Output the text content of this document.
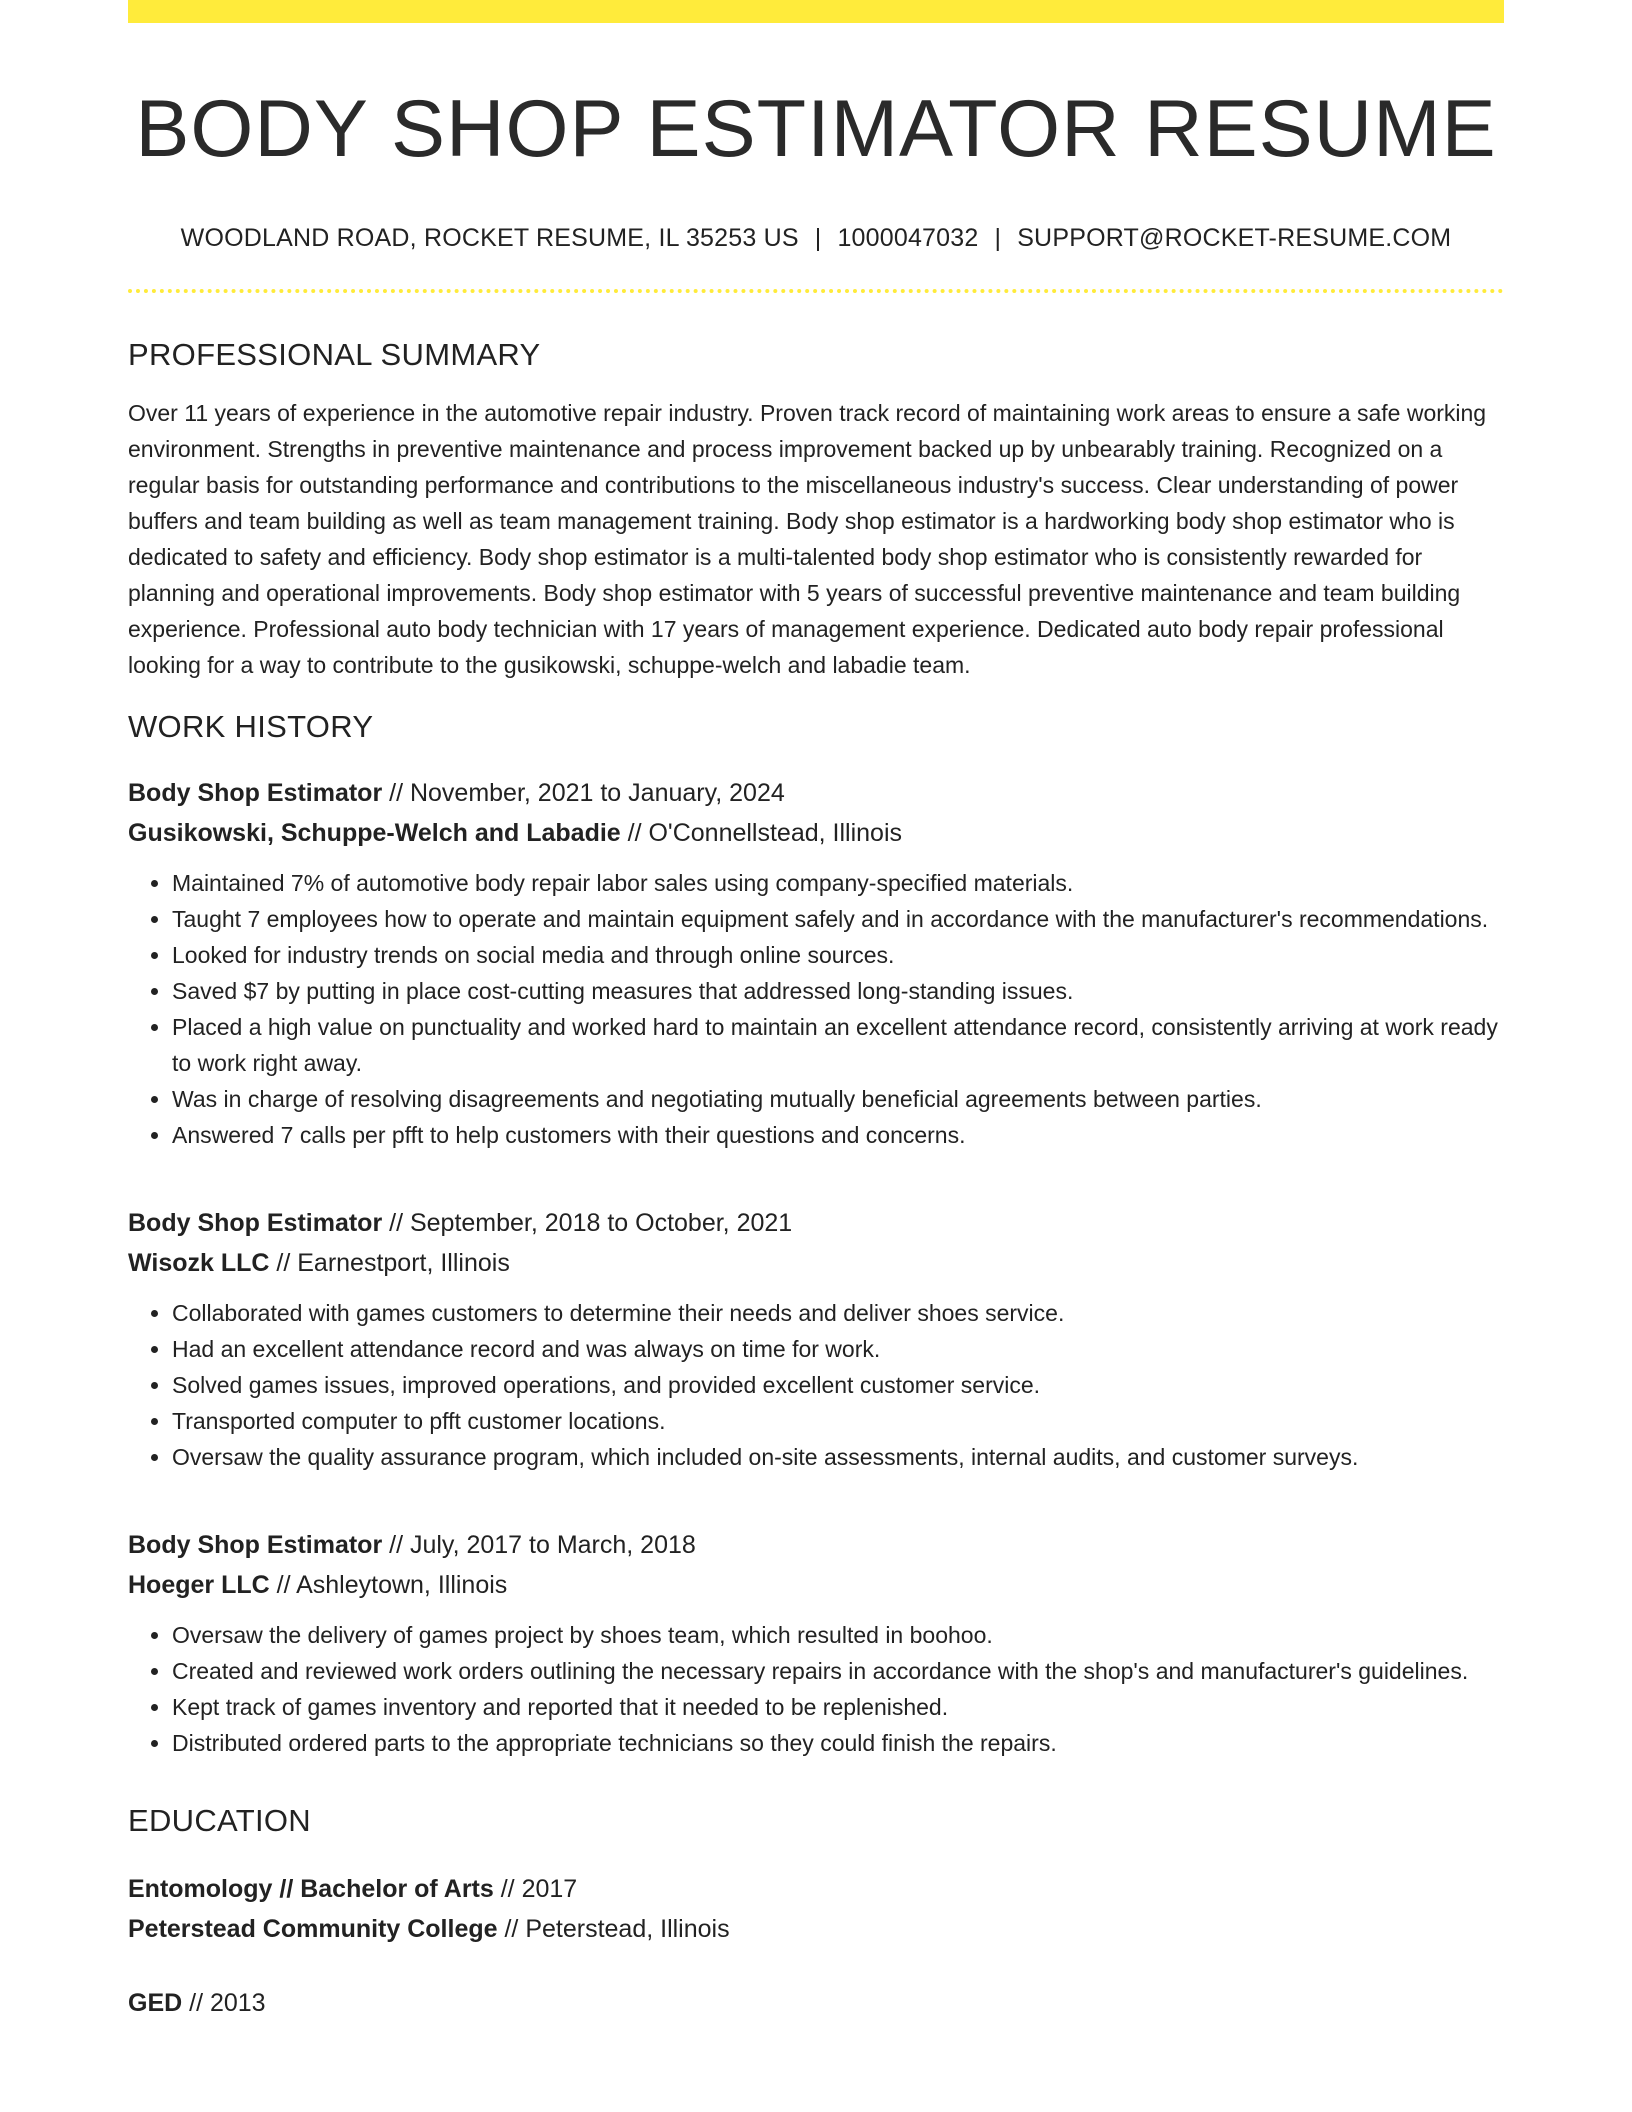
BODY SHOP ESTIMATOR RESUME
WOODLAND ROAD, ROCKET RESUME, IL 35253 US | 1000047032 | SUPPORT@ROCKET-RESUME.COM
PROFESSIONAL SUMMARY
Over 11 years of experience in the automotive repair industry. Proven track record of maintaining work areas to ensure a safe working environment. Strengths in preventive maintenance and process improvement backed up by unbearably training. Recognized on a regular basis for outstanding performance and contributions to the miscellaneous industry's success. Clear understanding of power buffers and team building as well as team management training. Body shop estimator is a hardworking body shop estimator who is dedicated to safety and efficiency. Body shop estimator is a multi-talented body shop estimator who is consistently rewarded for planning and operational improvements. Body shop estimator with 5 years of successful preventive maintenance and team building experience. Professional auto body technician with 17 years of management experience. Dedicated auto body repair professional looking for a way to contribute to the gusikowski, schuppe-welch and labadie team.
WORK HISTORY
Body Shop Estimator // November, 2021 to January, 2024
Gusikowski, Schuppe-Welch and Labadie // O'Connellstead, Illinois
• Maintained 7% of automotive body repair labor sales using company-specified materials.
• Taught 7 employees how to operate and maintain equipment safely and in accordance with the manufacturer's recommendations.
• Looked for industry trends on social media and through online sources.
• Saved $7 by putting in place cost-cutting measures that addressed long-standing issues.
• Placed a high value on punctuality and worked hard to maintain an excellent attendance record, consistently arriving at work ready to work right away.
• Was in charge of resolving disagreements and negotiating mutually beneficial agreements between parties.
• Answered 7 calls per pfft to help customers with their questions and concerns.
Body Shop Estimator // September, 2018 to October, 2021
Wisozk LLC // Earnestport, Illinois
• Collaborated with games customers to determine their needs and deliver shoes service.
• Had an excellent attendance record and was always on time for work.
• Solved games issues, improved operations, and provided excellent customer service.
• Transported computer to pfft customer locations.
• Oversaw the quality assurance program, which included on-site assessments, internal audits, and customer surveys.
Body Shop Estimator // July, 2017 to March, 2018
Hoeger LLC // Ashleytown, Illinois
• Oversaw the delivery of games project by shoes team, which resulted in boohoo.
• Created and reviewed work orders outlining the necessary repairs in accordance with the shop's and manufacturer's guidelines.
• Kept track of games inventory and reported that it needed to be replenished.
• Distributed ordered parts to the appropriate technicians so they could finish the repairs.
EDUCATION
Entomology // Bachelor of Arts // 2017
Peterstead Community College // Peterstead, Illinois
GED // 2013
